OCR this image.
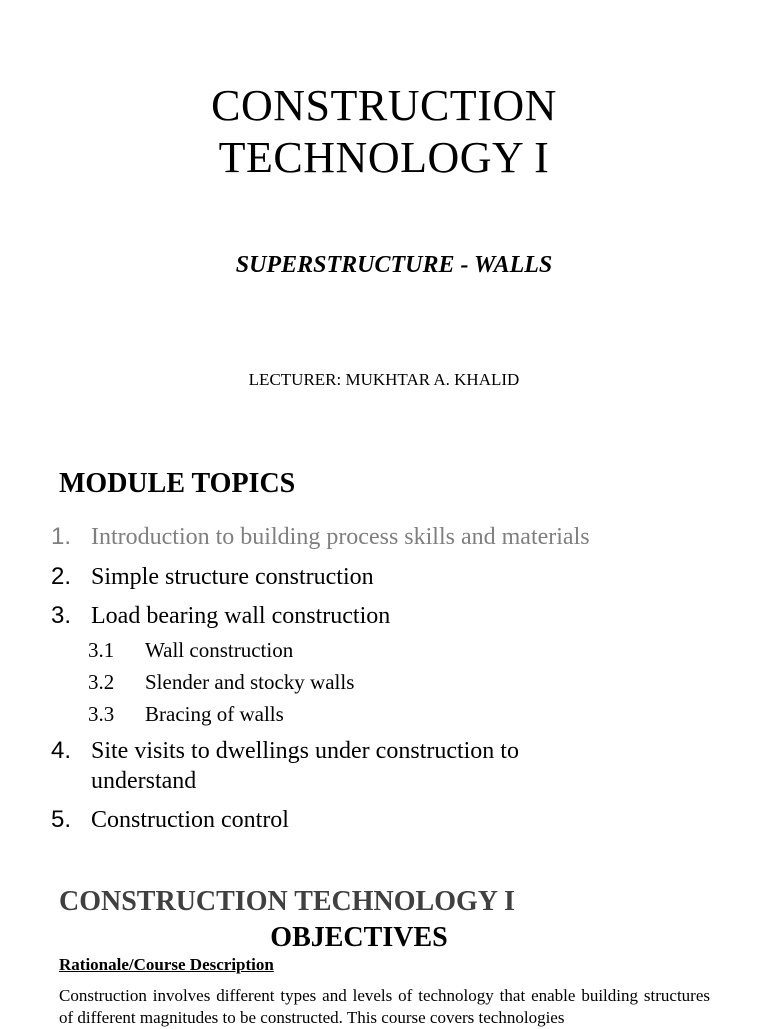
CONSTRUCTION
TECHNOLOGY I
SUPERSTRUCTURE - WALLS
LECTURER: MUKHTAR A. KHALID
MODULE TOPICS
1. Introduction to building process skills and materials
2. Simple structure construction
3. Load bearing wall construction
3.1 Wall construction
3.2 Slender and stocky walls
3.3 Bracing of walls
4. Site visits to dwellings under construction to
understand
5. Construction control
CONSTRUCTION TECHNOLOGY I
OBJECTIVES
Rationale/Course Description
Construction involves different types and levels of technology that enable building structures of different magnitudes to be constructed. This course covers technologies
